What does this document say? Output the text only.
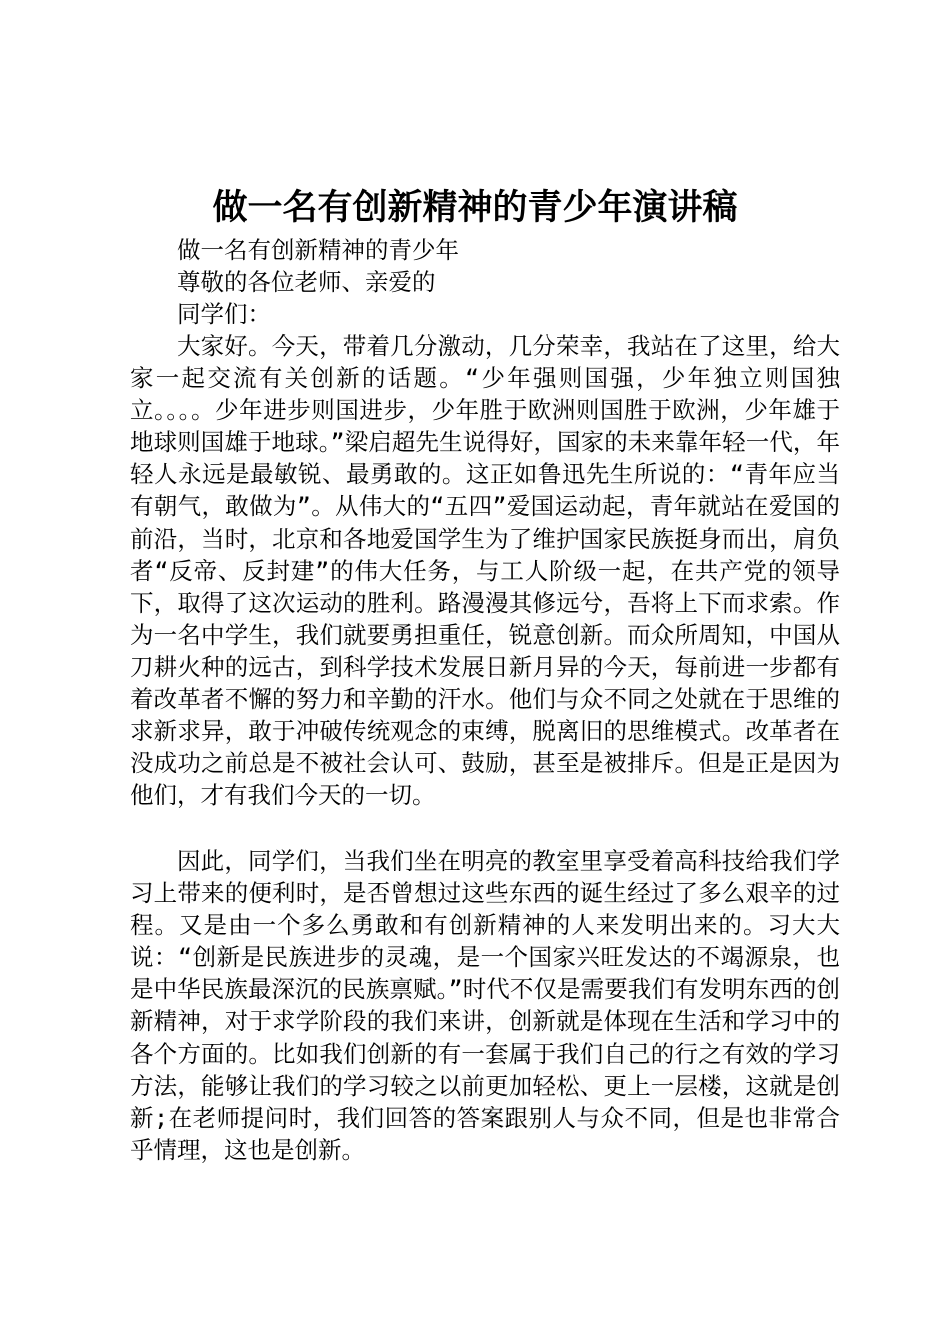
做一名有创新精神的青少年演讲稿

做一名有创新精神的青少年

尊敬的各位老师、亲爱的

同学们：

大家好。今天，带着几分激动，几分荣幸，我站在了这里，给大家一起交流有关创新的话题。“少年强则国强，少年独立则国独立。。。。少年进步则国进步，少年胜于欧洲则国胜于欧洲，少年雄于地球则国雄于地球。”梁启超先生说得好，国家的未来靠年轻一代，年轻人永远是最敏锐、最勇敢的。这正如鲁迅先生所说的：“青年应当有朝气，敢做为”。从伟大的“五四”爱国运动起，青年就站在爱国的前沿，当时，北京和各地爱国学生为了维护国家民族挺身而出，肩负者“反帝、反封建”的伟大任务，与工人阶级一起，在共产党的领导下，取得了这次运动的胜利。路漫漫其修远兮，吾将上下而求索。作为一名中学生，我们就要勇担重任，锐意创新。而众所周知，中国从刀耕火种的远古，到科学技术发展日新月异的今天，每前进一步都有着改革者不懈的努力和辛勤的汗水。他们与众不同之处就在于思维的求新求异，敢于冲破传统观念的束缚，脱离旧的思维模式。改革者在没成功之前总是不被社会认可、鼓励，甚至是被排斥。但是正是因为他们，才有我们今天的一切。

因此，同学们，当我们坐在明亮的教室里享受着高科技给我们学习上带来的便利时，是否曾想过这些东西的诞生经过了多么艰辛的过程。又是由一个多么勇敢和有创新精神的人来发明出来的。习大大说：“创新是民族进步的灵魂，是一个国家兴旺发达的不竭源泉，也是中华民族最深沉的民族禀赋。”时代不仅是需要我们有发明东西的创新精神，对于求学阶段的我们来讲，创新就是体现在生活和学习中的各个方面的。比如我们创新的有一套属于我们自己的行之有效的学习方法，能够让我们的学习较之以前更加轻松、更上一层楼，这就是创新;在老师提问时，我们回答的答案跟别人与众不同，但是也非常合乎情理，这也是创新。
